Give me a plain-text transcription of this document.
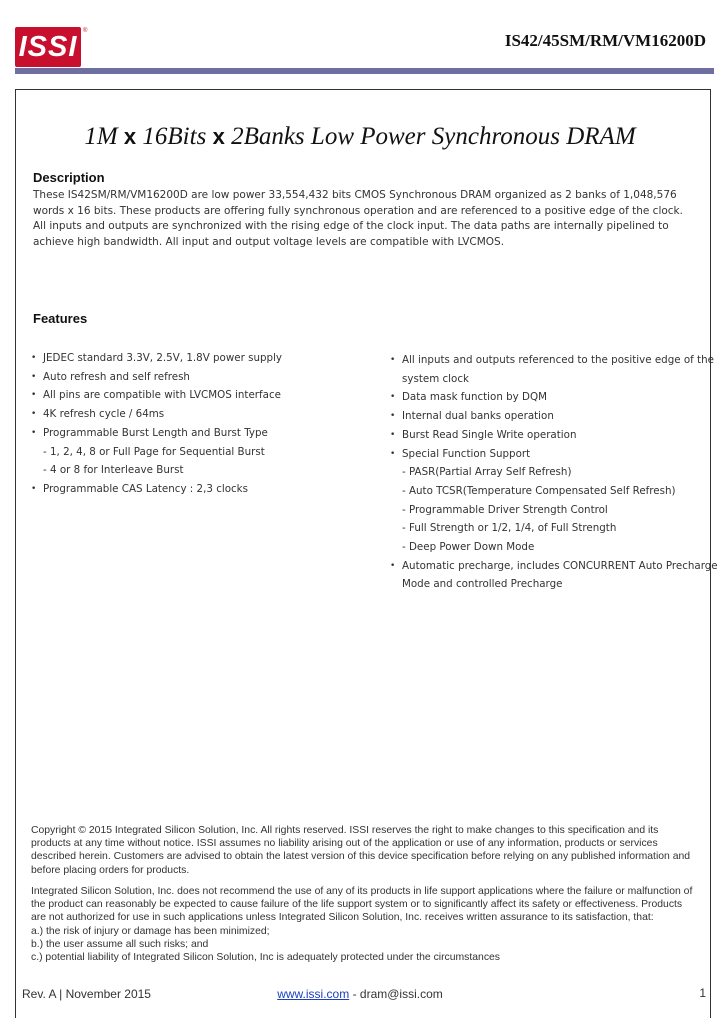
ISSI ®	IS42/45SM/RM/VM16200D
1M x 16Bits x 2Banks Low Power Synchronous DRAM
Description
These IS42SM/RM/VM16200D are low power 33,554,432 bits CMOS Synchronous DRAM organized as 2 banks of 1,048,576 words x 16 bits. These products are offering fully synchronous operation and are referenced to a positive edge of the clock. All inputs and outputs are synchronized with the rising edge of the clock input. The data paths are internally pipelined to achieve high bandwidth. All input and output voltage levels are compatible with LVCMOS.
Features
• JEDEC standard 3.3V, 2.5V, 1.8V power supply
• Auto refresh and self refresh
• All pins are compatible with LVCMOS interface
• 4K refresh cycle / 64ms
• Programmable Burst Length and Burst Type
- 1, 2, 4, 8 or Full Page for Sequential Burst
- 4 or 8 for Interleave Burst
• Programmable CAS Latency : 2,3 clocks
• All inputs and outputs referenced to the positive edge of the
system clock
• Data mask function by DQM
• Internal dual banks operation
• Burst Read Single Write operation
• Special Function Support
- PASR(Partial Array Self Refresh)
- Auto TCSR(Temperature Compensated Self Refresh)
- Programmable Driver Strength Control
- Full Strength or 1/2, 1/4, of Full Strength
- Deep Power Down Mode
• Automatic precharge, includes CONCURRENT Auto Precharge
Mode and controlled Precharge
Copyright © 2015 Integrated Silicon Solution, Inc. All rights reserved. ISSI reserves the right to make changes to this specification and its products at any time without notice. ISSI assumes no liability arising out of the application or use of any information, products or services described herein. Customers are advised to obtain the latest version of this device specification before relying on any published information and before placing orders for products.
Integrated Silicon Solution, Inc. does not recommend the use of any of its products in life support applications where the failure or malfunction of the product can reasonably be expected to cause failure of the life support system or to significantly affect its safety or effectiveness. Products are not authorized for use in such applications unless Integrated Silicon Solution, Inc. receives written assurance to its satisfaction, that:
a.) the risk of injury or damage has been minimized;
b.) the user assume all such risks; and
c.) potential liability of Integrated Silicon Solution, Inc is adequately protected under the circumstances
Rev. A | November 2015	www.issi.com - dram@issi.com	1
